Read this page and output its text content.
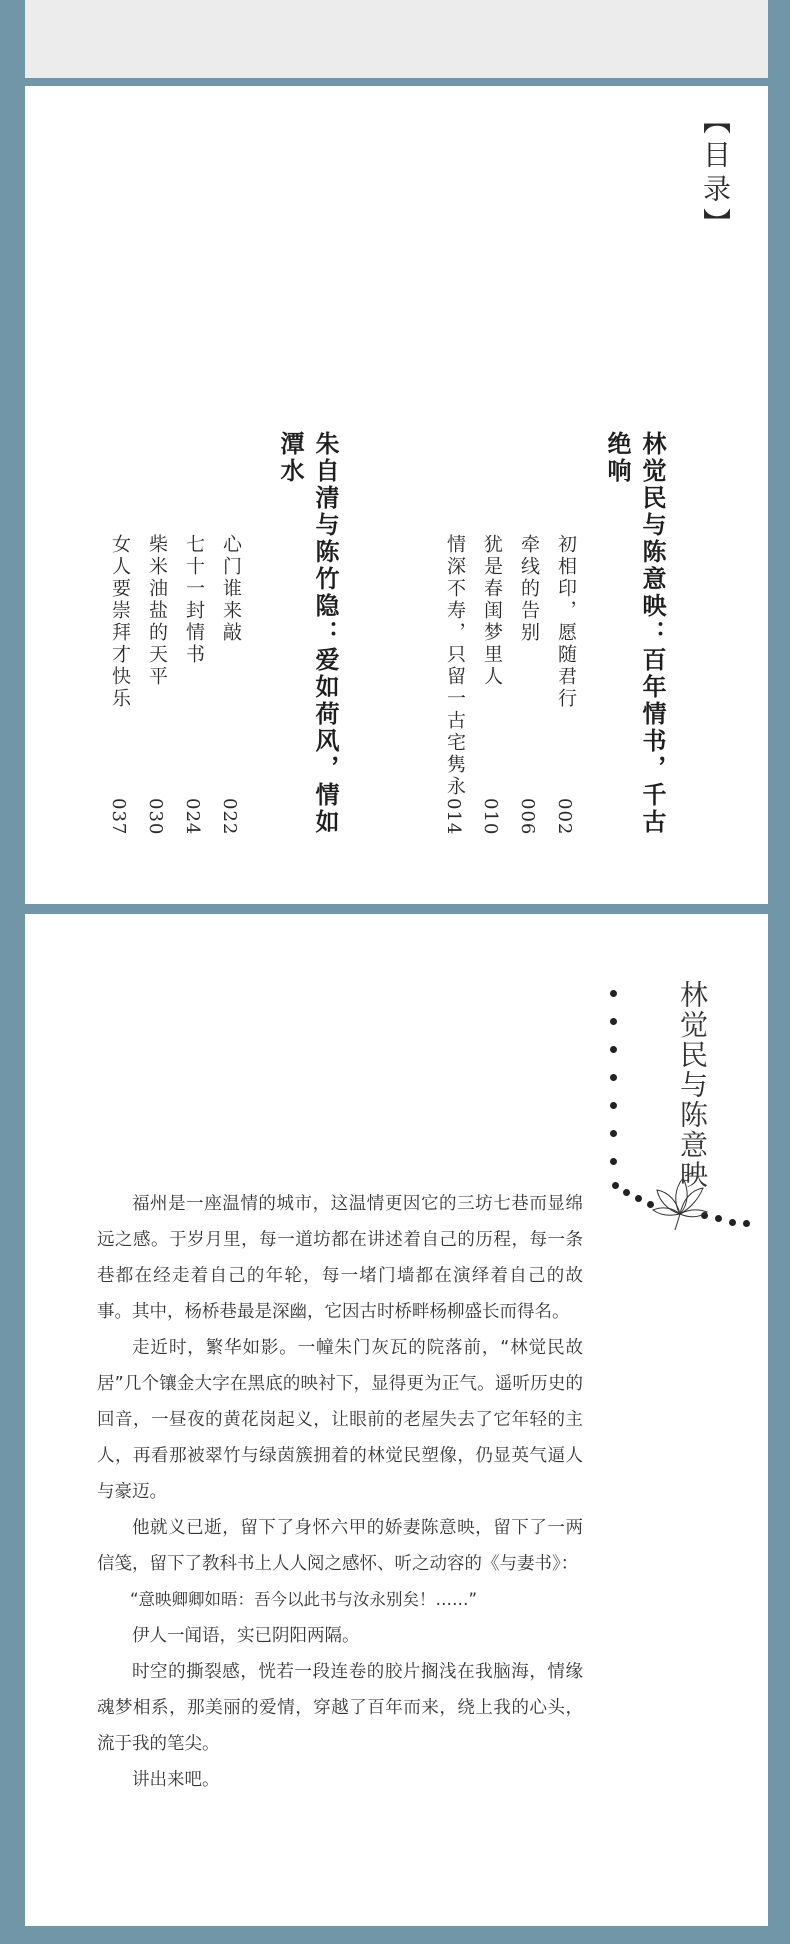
【目录】
林觉民与陈意映：百年情书，千古
绝响
初相印，愿随君行
002
牵线的告别
006
犹是春闺梦里人
010
情深不寿，只留一古宅隽永
014
朱自清与陈竹隐：爱如荷风，情如
潭水
心门谁来敲
022
七十一封情书
024
柴米油盐的天平
030
女人要崇拜才快乐
037
林觉民与陈意映

福州是一座温情的城市，这温情更因它的三坊七巷而显绵远之感。于岁月里，每一道坊都在讲述着自己的历程，每一条巷都在经走着自己的年轮，每一堵门墙都在演绎着自己的故事。其中，杨桥巷最是深幽，它因古时桥畔杨柳盛长而得名。

走近时，繁华如影。一幢朱门灰瓦的院落前，“林觉民故居”几个镶金大字在黑底的映衬下，显得更为正气。遥听历史的回音，一昼夜的黄花岗起义，让眼前的老屋失去了它年轻的主人，再看那被翠竹与绿茵簇拥着的林觉民塑像，仍显英气逼人与豪迈。

他就义已逝，留下了身怀六甲的娇妻陈意映，留下了一两信笺，留下了教科书上人人阅之感怀、听之动容的《与妻书》：

“意映卿卿如晤：吾今以此书与汝永别矣！……”

伊人一闻语，实已阴阳两隔。

时空的撕裂感，恍若一段连卷的胶片搁浅在我脑海，情缘魂梦相系，那美丽的爱情，穿越了百年而来，绕上我的心头，流于我的笔尖。

讲出来吧。
